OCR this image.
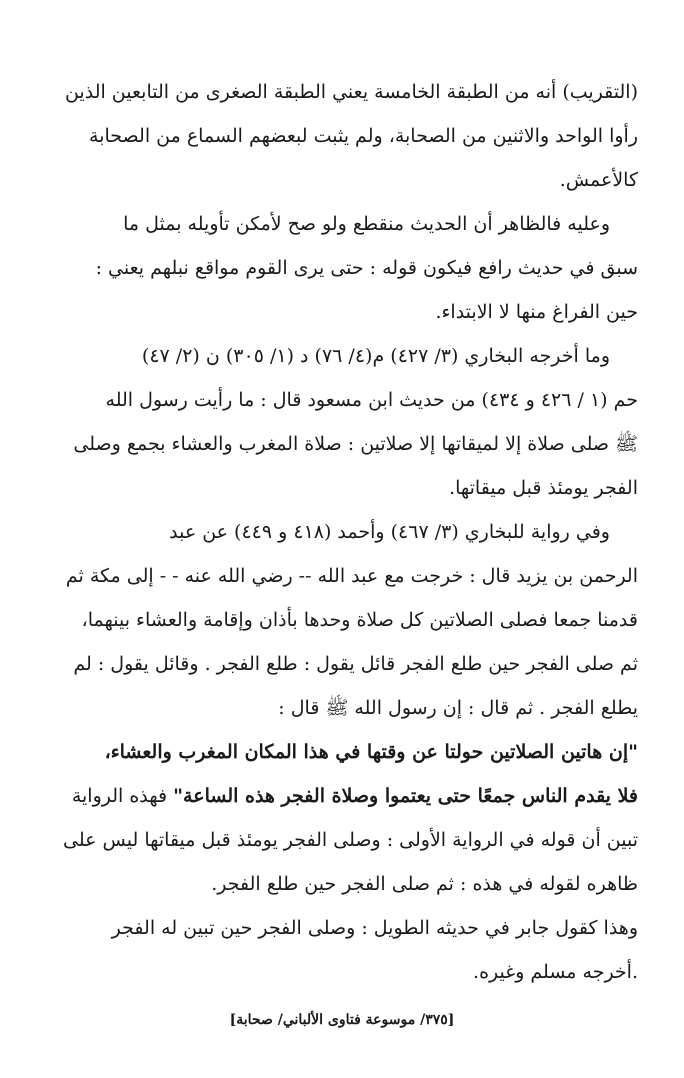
(التقريب) أنه من الطبقة الخامسة يعني الطبقة الصغرى من التابعين الذين
رأوا الواحد والاثنين من الصحابة، ولم يثبت لبعضهم السماع من الصحابة
كالأعمش.
وعليه فالظاهر أن الحديث منقطع ولو صح لأمكن تأويله بمثل ما
سبق في حديث رافع فيكون قوله : حتى يرى القوم مواقع نبلهم يعني :
حين الفراغ منها لا الابتداء.
وما أخرجه البخاري (٣/ ٤٢٧) م(٤/ ٧٦) د (١/ ٣٠٥) ن (٢/ ٤٧)
حم (١ / ٤٢٦ و ٤٣٤) من حديث ابن مسعود قال : ما رأيت رسول الله
ﷺ صلى صلاة إلا لميقاتها إلا صلاتين : صلاة المغرب والعشاء بجمع وصلى
الفجر يومئذ قبل ميقاتها.
وفي رواية للبخاري (٣/ ٤٦٧) وأحمد (٤١٨ و ٤٤٩) عن عبد
الرحمن بن يزيد قال : خرجت مع عبد الله -- رضي الله عنه - - إلى مكة ثم
قدمنا جمعا فصلى الصلاتين كل صلاة وحدها بأذان وإقامة والعشاء بينهما،
ثم صلى الفجر حين طلع الفجر قائل يقول : طلع الفجر . وقائل يقول : لم
يطلع الفجر . ثم قال : إن رسول الله ﷺ قال :
"إن هاتين الصلاتين حولتا عن وقتها في هذا المكان المغرب والعشاء،
فلا يقدم الناس جمعًا حتى يعتموا وصلاة الفجر هذه الساعة" فهذه الرواية
تبين أن قوله في الرواية الأولى : وصلى الفجر يومئذ قبل ميقاتها ليس على
ظاهره لقوله في هذه : ثم صلى الفجر حين طلع الفجر.
وهذا كقول جابر في حديثه الطويل : وصلى الفجر حين تبين له الفجر
.أخرجه مسلم وغيره.
[٣٧٥/ موسوعة فتاوى الألباني/ صحابة]
